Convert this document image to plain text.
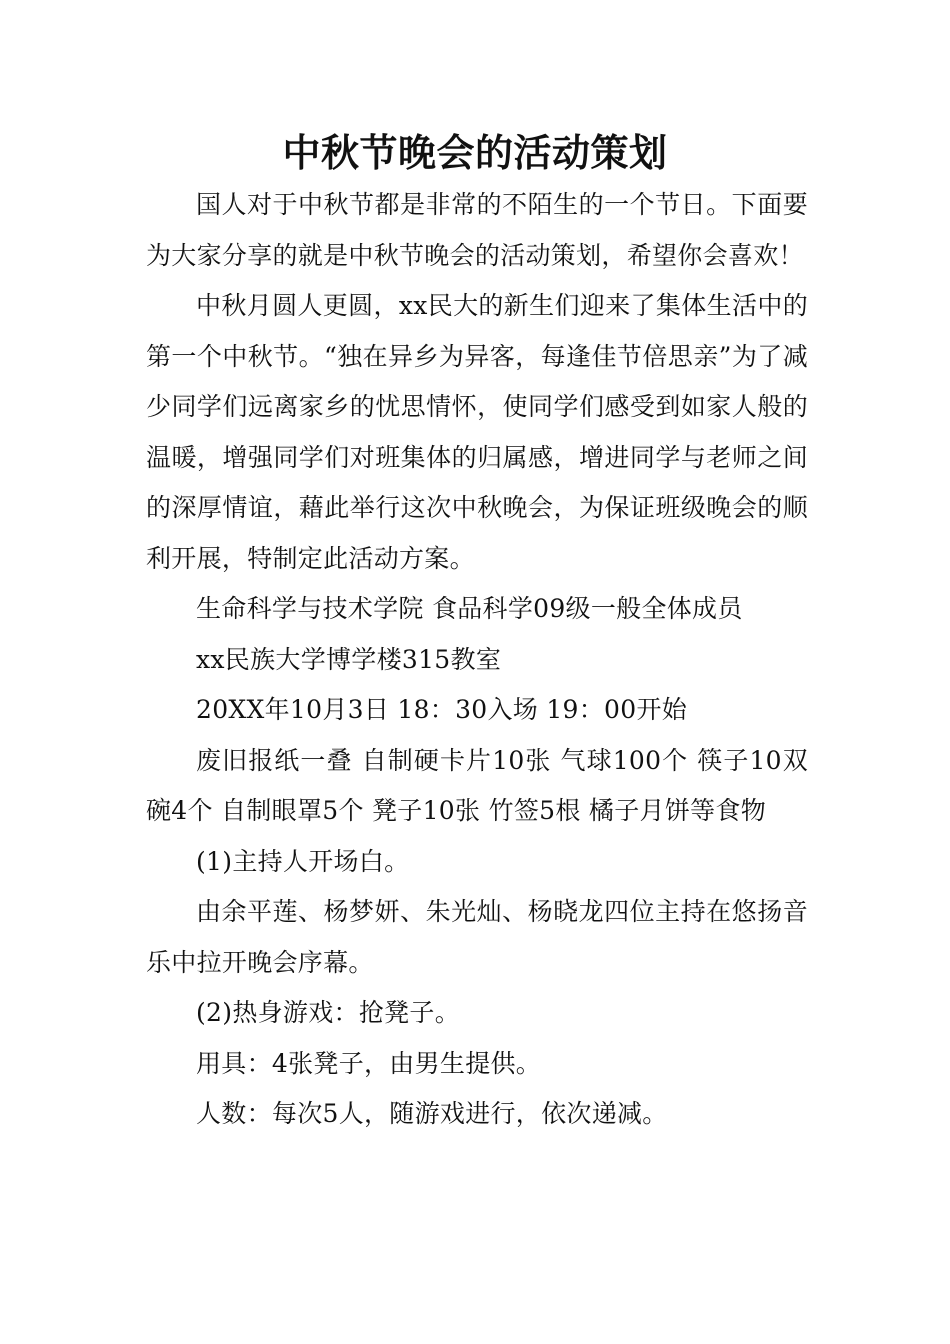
中秋节晚会的活动策划

国人对于中秋节都是非常的不陌生的一个节日。下面要为大家分享的就是中秋节晚会的活动策划，希望你会喜欢！

中秋月圆人更圆，xx民大的新生们迎来了集体生活中的第一个中秋节。“独在异乡为异客，每逢佳节倍思亲”为了减少同学们远离家乡的忧思情怀，使同学们感受到如家人般的温暖，增强同学们对班集体的归属感，增进同学与老师之间的深厚情谊，藉此举行这次中秋晚会，为保证班级晚会的顺利开展，特制定此活动方案。

生命科学与技术学院 食品科学09级一般全体成员

xx民族大学博学楼315教室

20XX年10月3日 18：30入场 19：00开始

废旧报纸一叠 自制硬卡片10张 气球100个 筷子10双 碗4个 自制眼罩5个 凳子10张 竹签5根 橘子月饼等食物

(1)主持人开场白。

由余平莲、杨梦妍、朱光灿、杨晓龙四位主持在悠扬音乐中拉开晚会序幕。

(2)热身游戏：抢凳子。

用具：4张凳子，由男生提供。

人数：每次5人，随游戏进行，依次递减。
